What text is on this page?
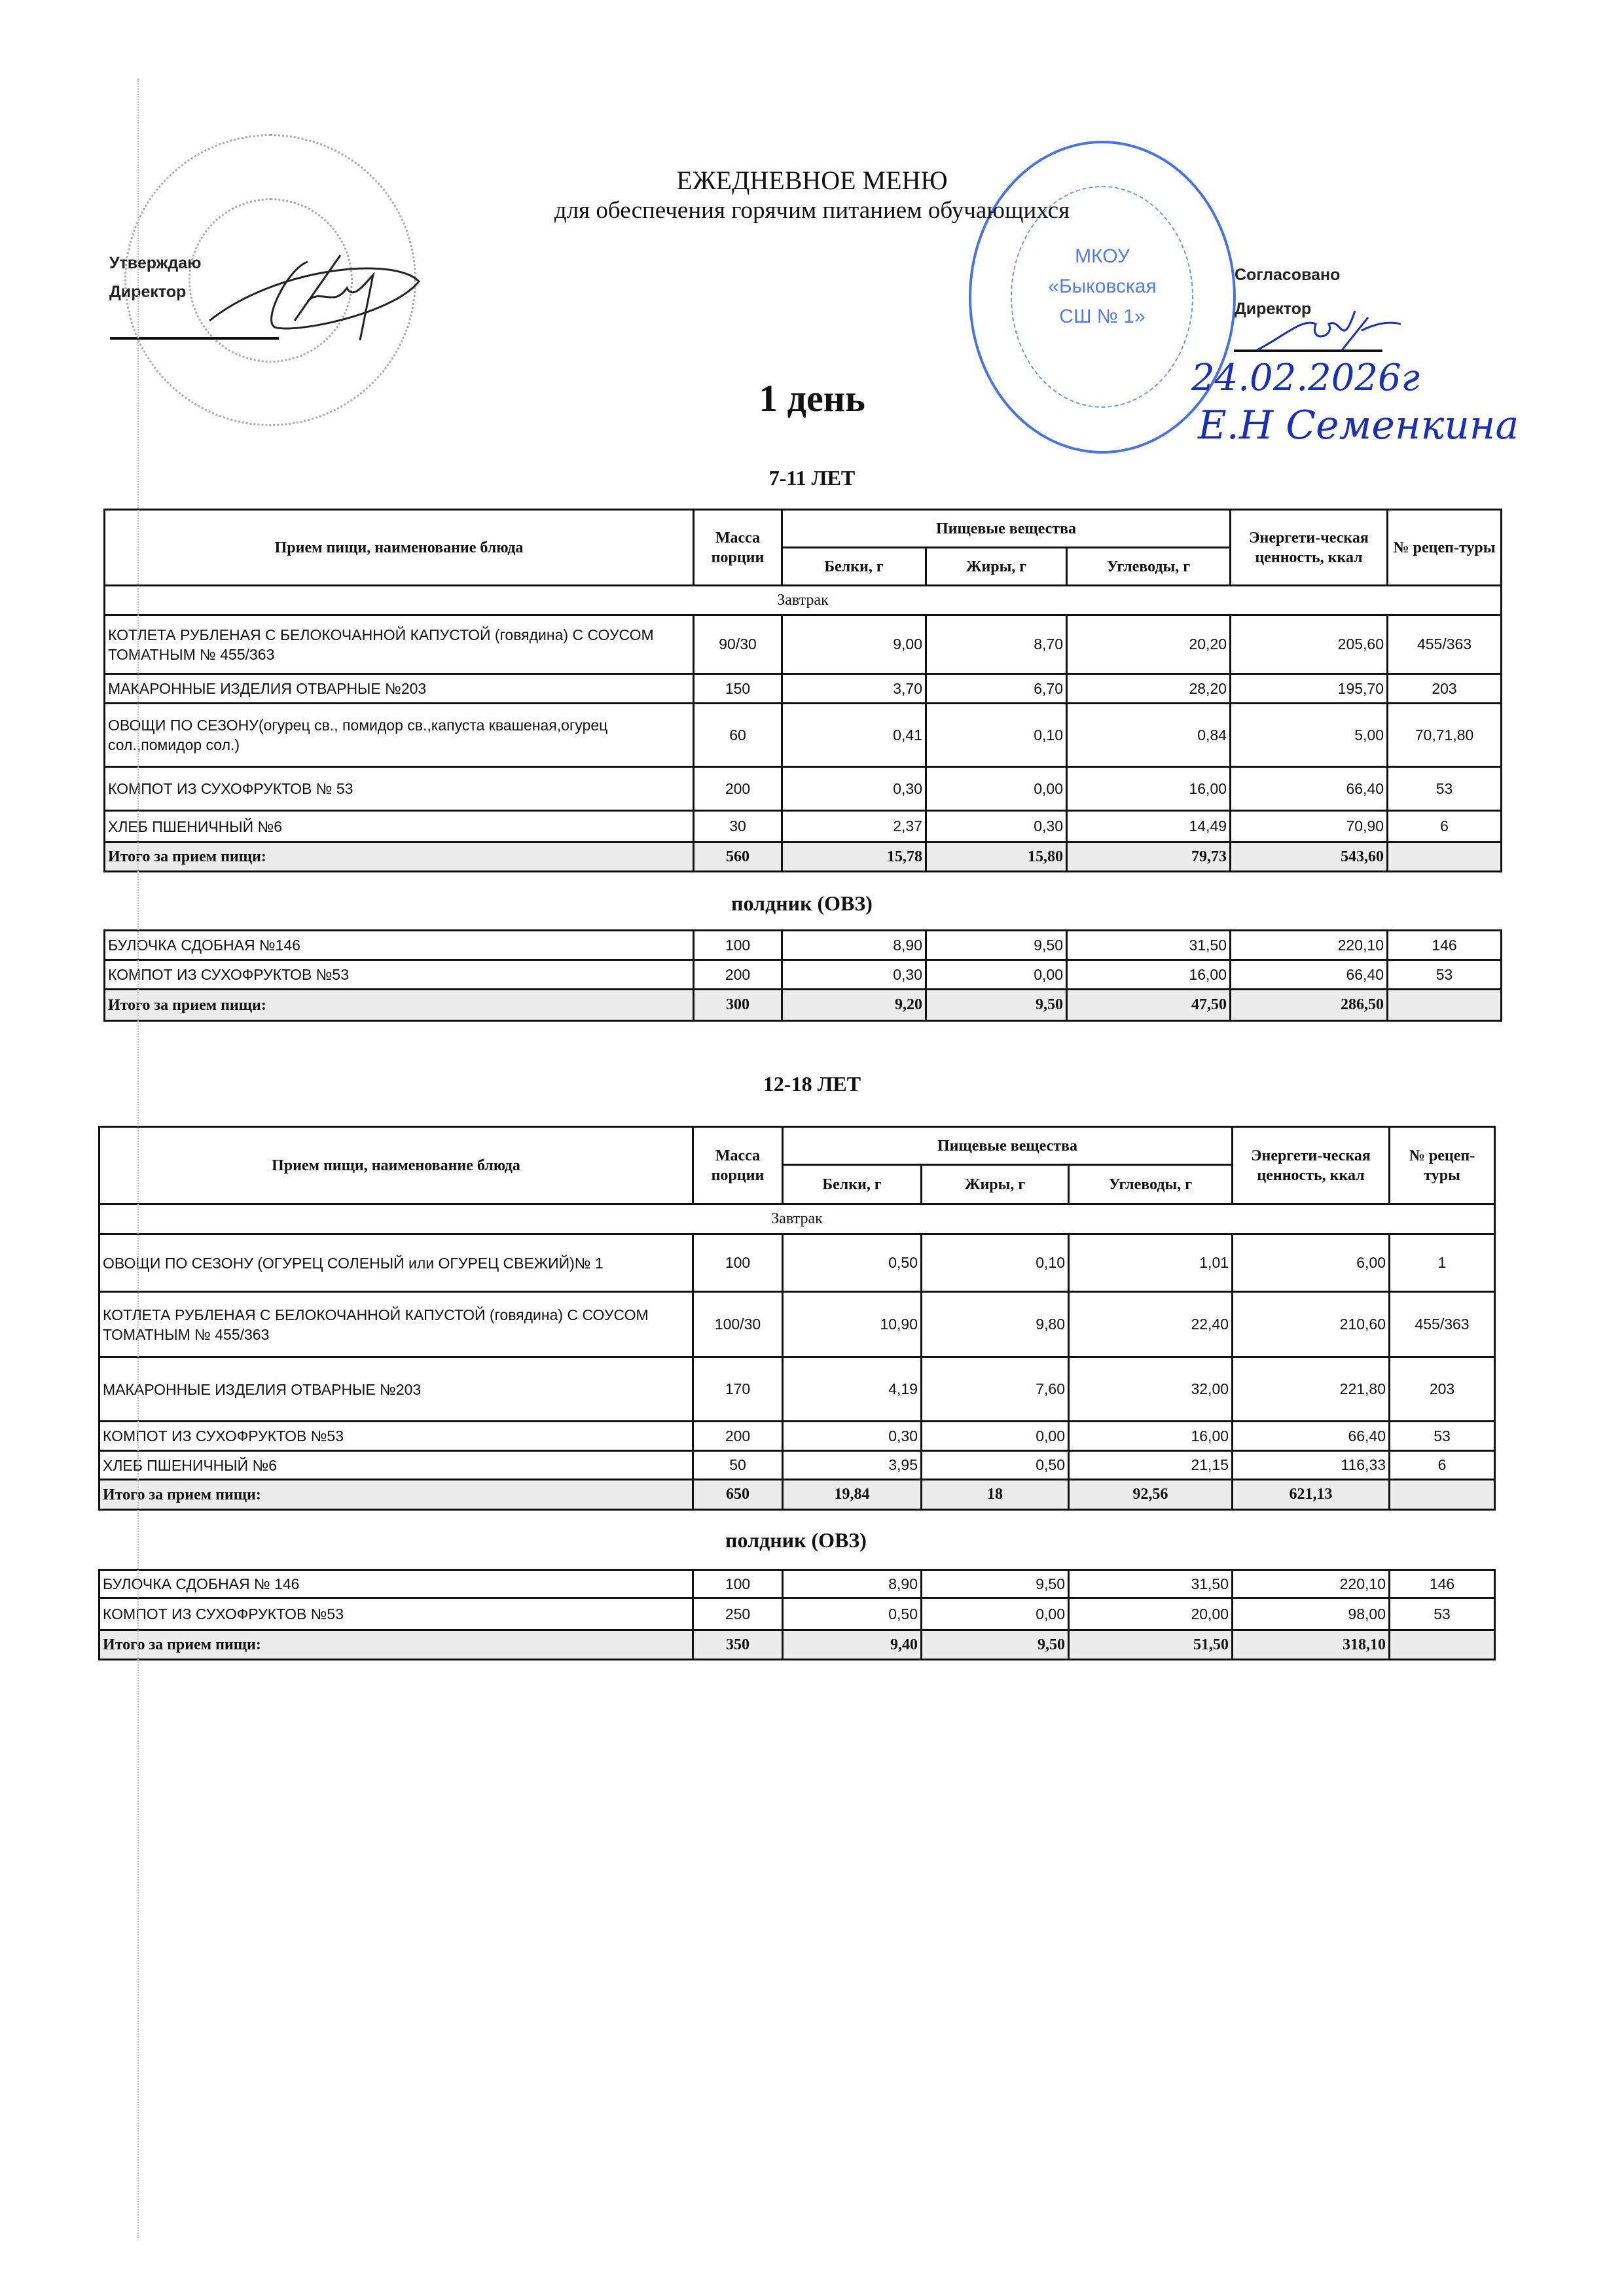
МКОУ
«Быковская
СШ № 1»
ЕЖЕДНЕВНОЕ МЕНЮ
для обеспечения горячим питанием обучающихся
1 день
Утверждаю
Директор
Согласовано
Директор
24.02.2026г
Е.Н Семенкина
7-11 ЛЕТ
Прием пищи, наименование блюда	Масса порции	Пищевые вещества			Энергети-ческая ценность, ккал	№ рецеп-туры
		Белки, г	Жиры, г	Углеводы, г		
Завтрак						
КОТЛЕТА РУБЛЕНАЯ С БЕЛОКОЧАННОЙ КАПУСТОЙ (говядина) С СОУСОМ ТОМАТНЫМ № 455/363	90/30	9,00	8,70	20,20	205,60	455/363
МАКАРОННЫЕ ИЗДЕЛИЯ ОТВАРНЫЕ №203	150	3,70	6,70	28,20	195,70	203
ОВОЩИ ПО СЕЗОНУ(огурец св., помидор св.,капуста квашеная,огурец сол.,помидор сол.)	60	0,41	0,10	0,84	5,00	70,71,80
КОМПОТ ИЗ СУХОФРУКТОВ № 53	200	0,30	0,00	16,00	66,40	53
ХЛЕБ ПШЕНИЧНЫЙ №6	30	2,37	0,30	14,49	70,90	6
Итого за прием пищи:	560	15,78	15,80	79,73	543,60	
полдник (ОВЗ)
БУЛОЧКА СДОБНАЯ №146	100	8,90	9,50	31,50	220,10	146
КОМПОТ ИЗ СУХОФРУКТОВ №53	200	0,30	0,00	16,00	66,40	53
Итого за прием пищи:	300	9,20	9,50	47,50	286,50	
12-18 ЛЕТ
Прием пищи, наименование блюда	Масса порции	Пищевые вещества			Энергети-ческая ценность, ккал	№ рецеп-туры
		Белки, г	Жиры, г	Углеводы, г		
Завтрак						
ОВОЩИ ПО СЕЗОНУ (ОГУРЕЦ СОЛЕНЫЙ или ОГУРЕЦ СВЕЖИЙ)№ 1	100	0,50	0,10	1,01	6,00	1
КОТЛЕТА РУБЛЕНАЯ С БЕЛОКОЧАННОЙ КАПУСТОЙ (говядина) С СОУСОМ ТОМАТНЫМ № 455/363	100/30	10,90	9,80	22,40	210,60	455/363
МАКАРОННЫЕ ИЗДЕЛИЯ ОТВАРНЫЕ №203	170	4,19	7,60	32,00	221,80	203
КОМПОТ ИЗ СУХОФРУКТОВ №53	200	0,30	0,00	16,00	66,40	53
ХЛЕБ ПШЕНИЧНЫЙ №6	50	3,95	0,50	21,15	116,33	6
Итого за прием пищи:	650	19,84	18	92,56	621,13	
полдник (ОВЗ)
БУЛОЧКА СДОБНАЯ № 146	100	8,90	9,50	31,50	220,10	146
КОМПОТ ИЗ СУХОФРУКТОВ №53	250	0,50	0,00	20,00	98,00	53
Итого за прием пищи:	350	9,40	9,50	51,50	318,10	
